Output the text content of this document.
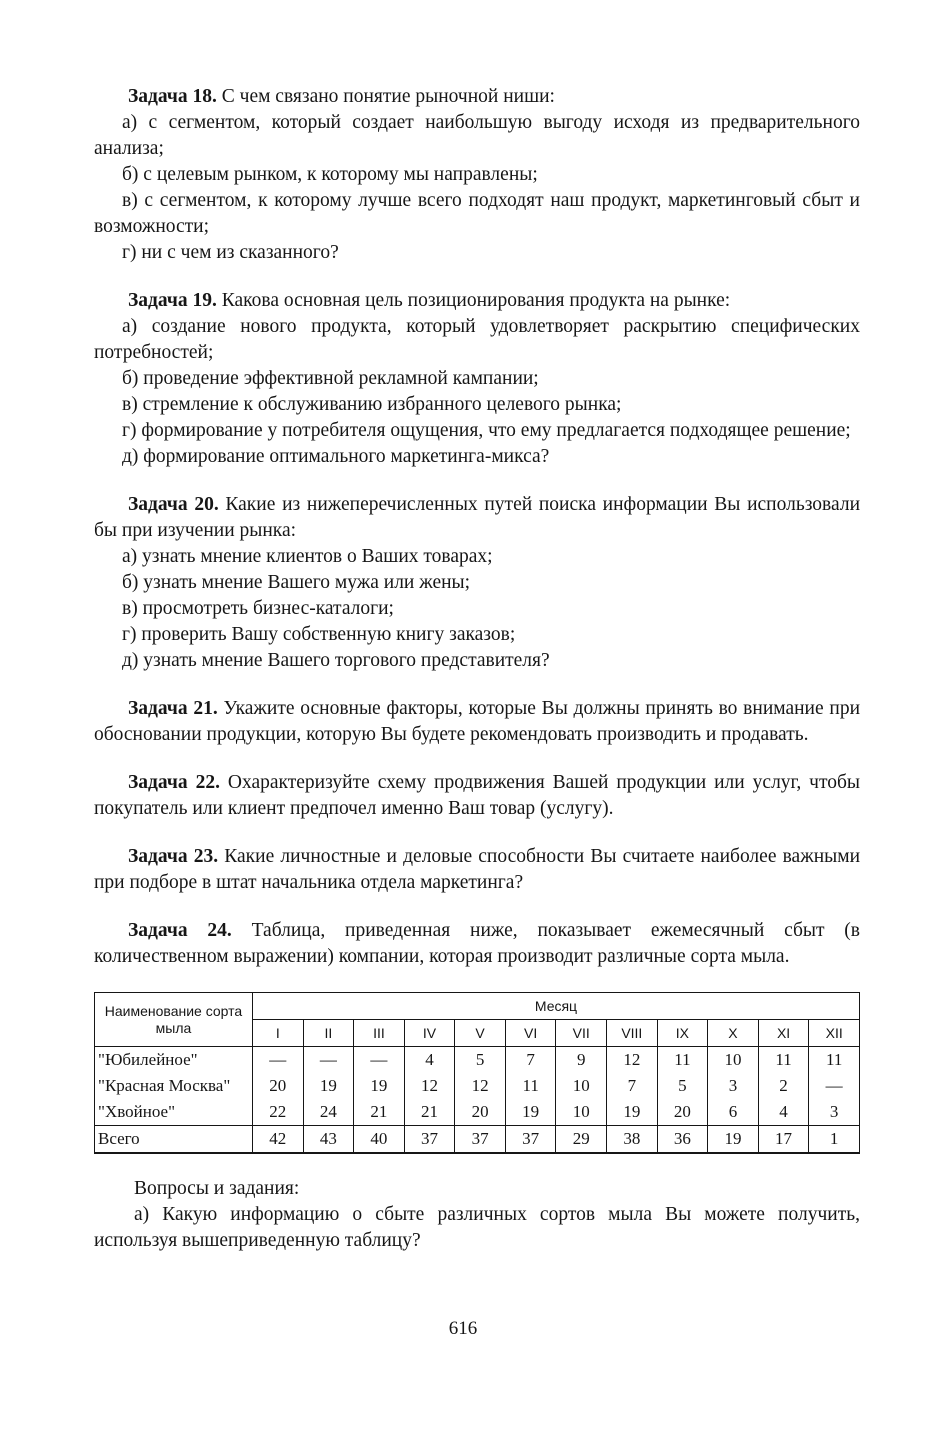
Задача 18. С чем связано понятие рыночной ниши:

а) с сегментом, который создает наибольшую выгоду исходя из предварительного анализа;

б) с целевым рынком, к которому мы направлены;

в) с сегментом, к которому лучше всего подходят наш продукт, маркетинговый сбыт и возможности;

г) ни с чем из сказанного?

Задача 19. Какова основная цель позиционирования продукта на рынке:

а) создание нового продукта, который удовлетворяет раскрытию специфических потребностей;

б) проведение эффективной рекламной кампании;

в) стремление к обслуживанию избранного целевого рынка;

г) формирование у потребителя ощущения, что ему предлагается подходящее решение;

д) формирование оптимального маркетинга-микса?

Задача 20. Какие из нижеперечисленных путей поиска информации Вы использовали бы при изучении рынка:

а) узнать мнение клиентов о Ваших товарах;

б) узнать мнение Вашего мужа или жены;

в) просмотреть бизнес-каталоги;

г) проверить Вашу собственную книгу заказов;

д) узнать мнение Вашего торгового представителя?

Задача 21. Укажите основные факторы, которые Вы должны принять во внимание при обосновании продукции, которую Вы будете рекомендовать производить и продавать.

Задача 22. Охарактеризуйте схему продвижения Вашей продукции или услуг, чтобы покупатель или клиент предпочел именно Ваш товар (услугу).

Задача 23. Какие личностные и деловые способности Вы считаете наиболее важными при подборе в штат начальника отдела маркетинга?

Задача 24. Таблица, приведенная ниже, показывает ежемесячный сбыт (в количественном выражении) компании, которая производит различные сорта мыла.

Наименование сорта мыла	Месяц											
	I	II	III	IV	V	VI	VII	VIII	IX	X	XI	XII
"Юбилейное"	—	—	—	4	5	7	9	12	11	10	11	11
"Красная Москва"	20	19	19	12	12	11	10	7	5	3	2	—
"Хвойное"	22	24	21	21	20	19	10	19	20	6	4	3
Всего	42	43	40	37	37	37	29	38	36	19	17	1

Вопросы и задания:

а) Какую информацию о сбыте различных сортов мыла Вы можете получить, используя вышеприведенную таблицу?

616
